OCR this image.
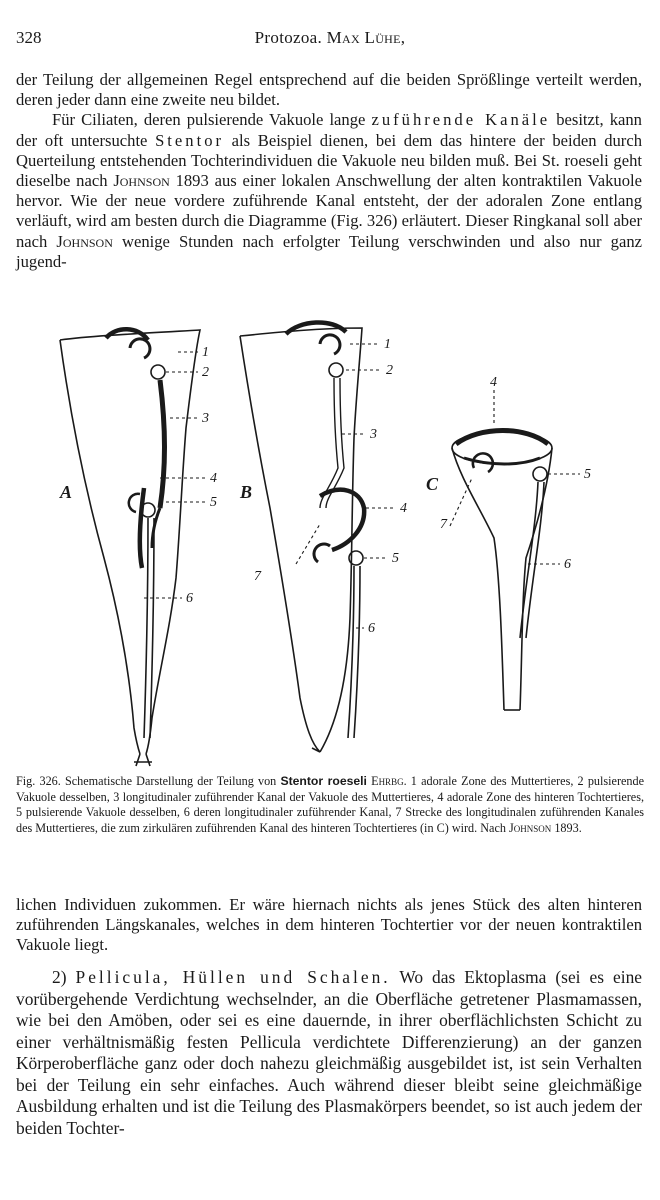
328	Protozoa. Max Lühe,

der Teilung der allgemeinen Regel entsprechend auf die beiden Sprößlinge verteilt werden, deren jeder dann eine zweite neu bildet.

Für Ciliaten, deren pulsierende Vakuole lange zuführende Kanäle besitzt, kann der oft untersuchte Stentor als Beispiel dienen, bei dem das hintere der beiden durch Querteilung entstehenden Tochterindividuen die Vakuole neu bilden muß. Bei St. roeseli geht dieselbe nach Johnson 1893 aus einer lokalen Anschwellung der alten kontraktilen Vakuole hervor. Wie der neue vordere zuführende Kanal entsteht, der der adoralen Zone entlang verläuft, wird am besten durch die Diagramme (Fig. 326) erläutert. Dieser Ringkanal soll aber nach Johnson wenige Stunden nach erfolgter Teilung verschwinden und also nur ganz jugend-

A	B	C
1
2
3
4
5
6
1
2
3
4
5
6
7
4
5
6
7
Fig. 326. Schematische Darstellung der Teilung von Stentor roeseli Ehrbg. 1 adorale Zone des Muttertieres, 2 pulsierende Vakuole desselben, 3 longitudinaler zuführender Kanal der Vakuole des Muttertieres, 4 adorale Zone des hinteren Tochtertieres, 5 pulsierende Vakuole desselben, 6 deren longitudinaler zuführender Kanal, 7 Strecke des longitudinalen zuführenden Kanales des Muttertieres, die zum zirkulären zuführenden Kanal des hinteren Tochtertieres (in C) wird. Nach Johnson 1893.

lichen Individuen zukommen. Er wäre hiernach nichts als jenes Stück des alten hinteren zuführenden Längskanales, welches in dem hinteren Tochtertier vor der neuen kontraktilen Vakuole liegt.

2) Pellicula, Hüllen und Schalen. Wo das Ektoplasma (sei es eine vorübergehende Verdichtung wechselnder, an die Oberfläche getretener Plasmamassen, wie bei den Amöben, oder sei es eine dauernde, in ihrer oberflächlichsten Schicht zu einer verhältnismäßig festen Pellicula verdichtete Differenzierung) an der ganzen Körperoberfläche ganz oder doch nahezu gleichmäßig ausgebildet ist, ist sein Verhalten bei der Teilung ein sehr einfaches. Auch während dieser bleibt seine gleichmäßige Ausbildung erhalten und ist die Teilung des Plasmakörpers beendet, so ist auch jedem der beiden Tochter-
